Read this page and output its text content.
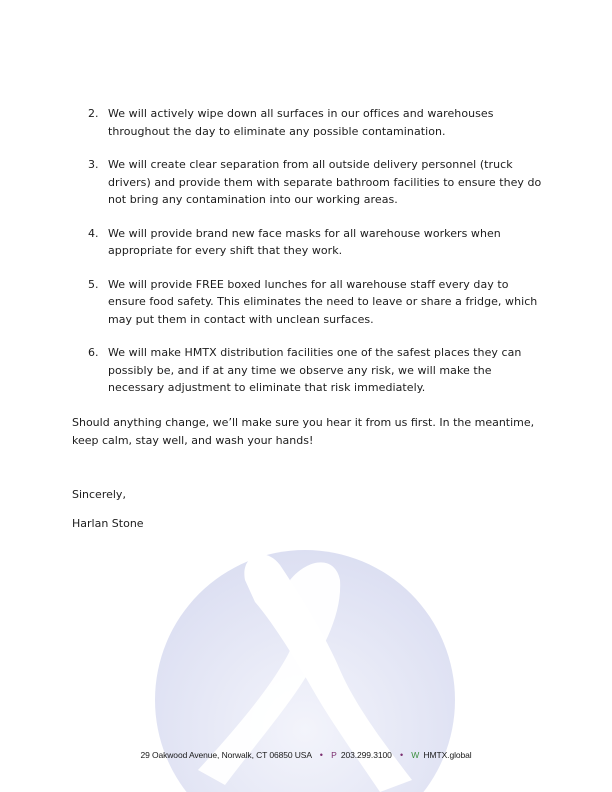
2. We will actively wipe down all surfaces in our offices and warehouses throughout the day to eliminate any possible contamination.
3. We will create clear separation from all outside delivery personnel (truck drivers) and provide them with separate bathroom facilities to ensure they do not bring any contamination into our working areas.
4. We will provide brand new face masks for all warehouse workers when appropriate for every shift that they work.
5. We will provide FREE boxed lunches for all warehouse staff every day to ensure food safety. This eliminates the need to leave or share a fridge, which may put them in contact with unclean surfaces.
6. We will make HMTX distribution facilities one of the safest places they can possibly be, and if at any time we observe any risk, we will make the necessary adjustment to eliminate that risk immediately.

Should anything change, we’ll make sure you hear it from us first. In the meantime, keep calm, stay well, and wash your hands!

Sincerely,

Harlan Stone

29 Oakwood Avenue, Norwalk, CT 06850 USA • P 203.299.3100 • W HMTX.global
